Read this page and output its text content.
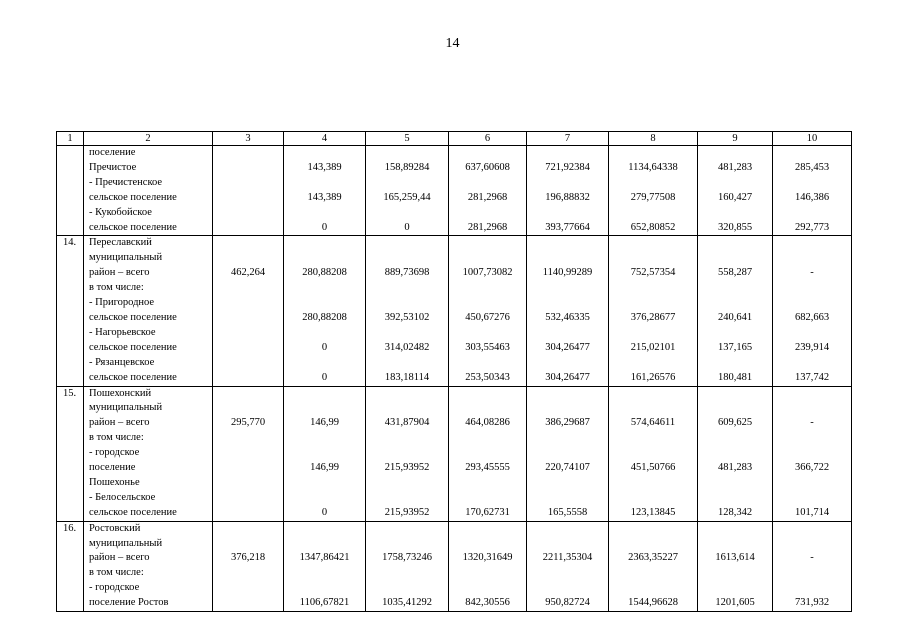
14
1	2	3	4	5	6	7	8	9	10
	поселение
Пречистое		143,389	158,89284	637,60608	721,92384	1134,64338	481,283	285,453

	- Пречистенское
сельское поселение		143,389	165,259,44	281,2968	196,88832	279,77508	160,427	146,386

	- Кукобойское
сельское поселение		0	0	281,2968	393,77664	652,80852	320,855	292,773

14.	Переславский
муниципальный
район – всего
в том числе:	462,264	280,88208	889,73698	1007,73082	1140,99289	752,57354	558,287	-

	- Пригородное
сельское поселение		280,88208	392,53102	450,67276	532,46335	376,28677	240,641	682,663

	- Нагорьевское
сельское поселение		0	314,02482	303,55463	304,26477	215,02101	137,165	239,914

	- Рязанцевское
сельское поселение		0	183,18114	253,50343	304,26477	161,26576	180,481	137,742

15.	Пошехонский
муниципальный
район – всего
в том числе:	295,770	146,99	431,87904	464,08286	386,29687	574,64611	609,625	-

	- городское
поселение
Пошехонье		146,99	215,93952	293,45555	220,74107	451,50766	481,283	366,722

	- Белосельское
сельское поселение		0	215,93952	170,62731	165,5558	123,13845	128,342	101,714

16.	Ростовский
муниципальный
район – всего
в том числе:	376,218	1347,86421	1758,73246	1320,31649	2211,35304	2363,35227	1613,614	-

	- городское
поселение Ростов		1106,67821	1035,41292	842,30556	950,82724	1544,96628	1201,605	731,932
